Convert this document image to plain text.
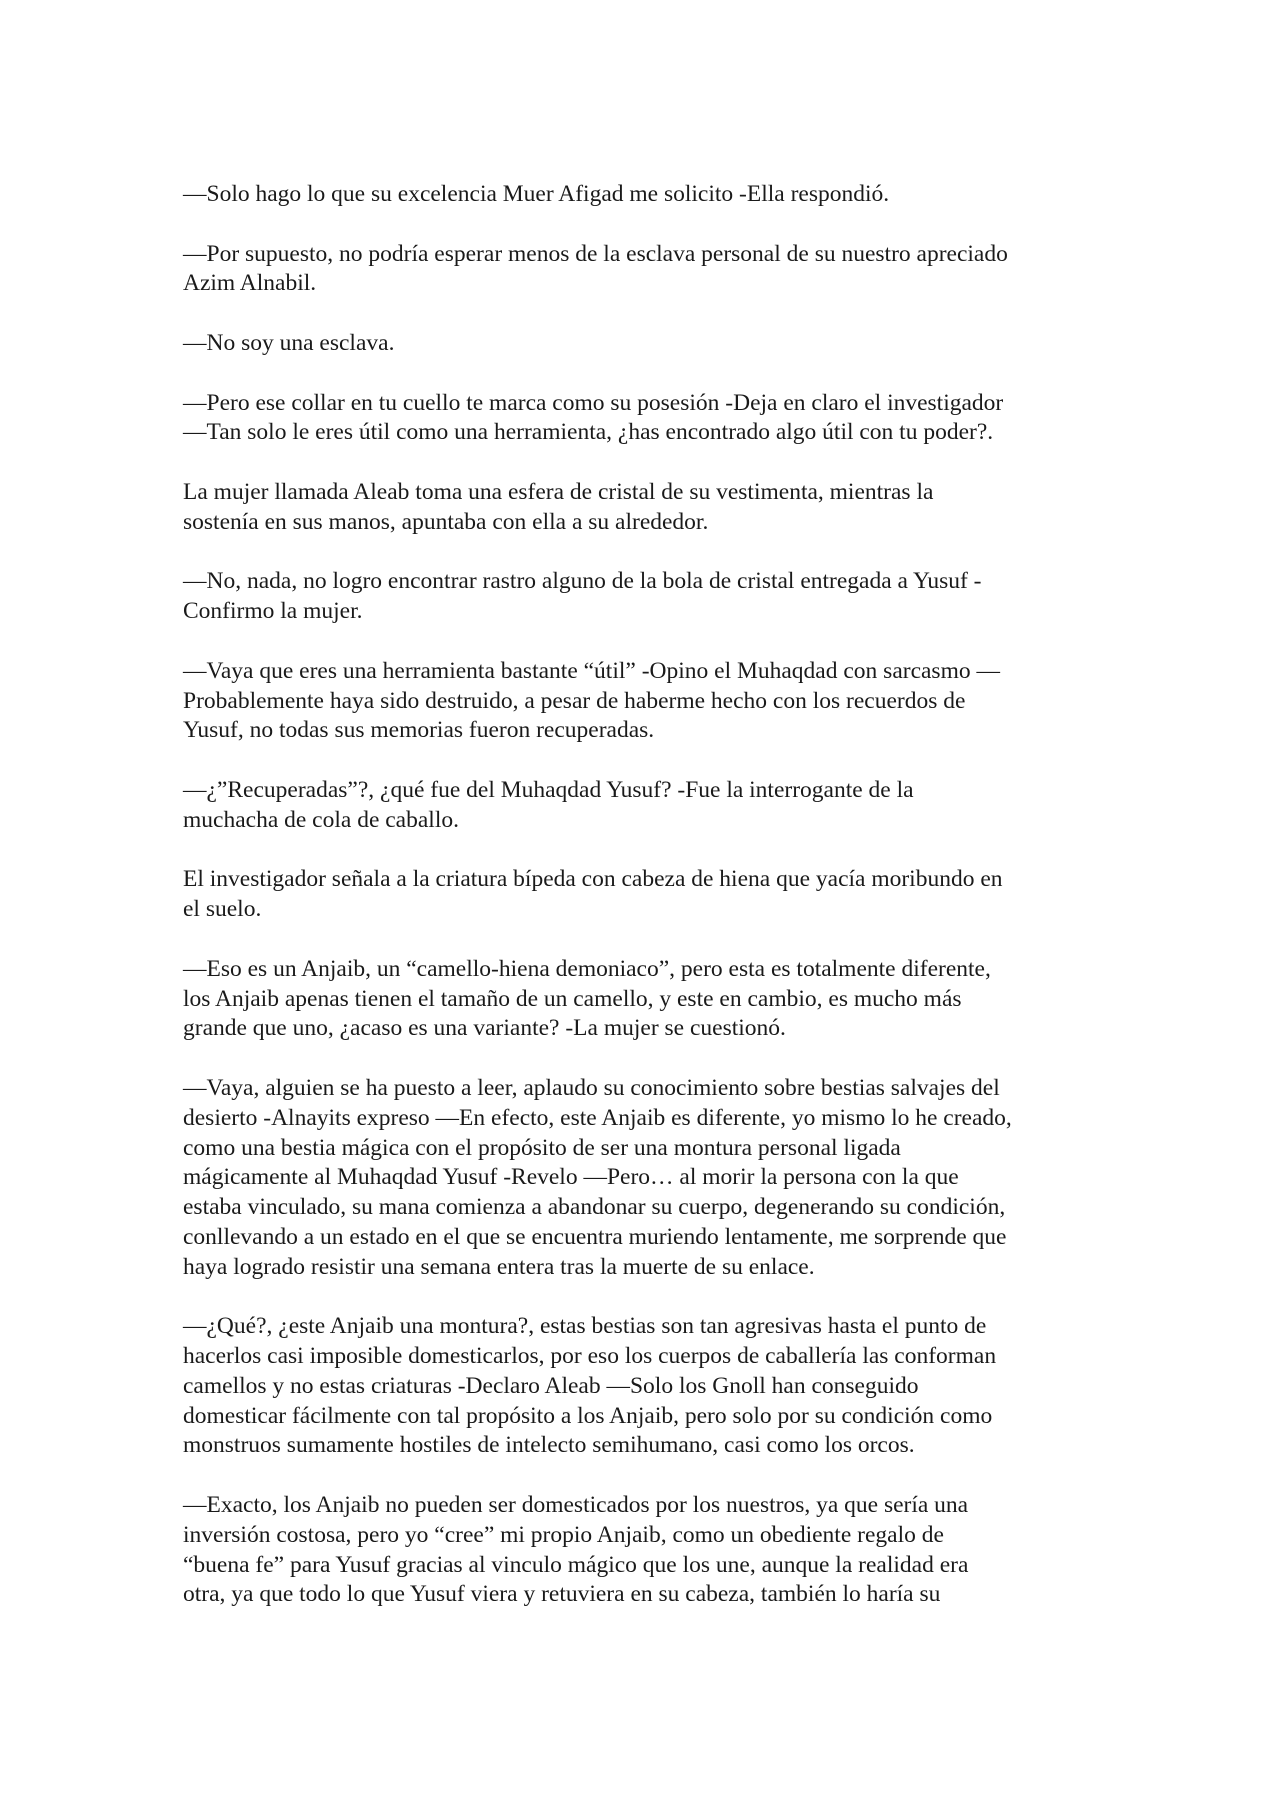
—Solo hago lo que su excelencia Muer Afigad me solicito -Ella respondió.

—Por supuesto, no podría esperar menos de la esclava personal de su nuestro apreciado
Azim Alnabil.

—No soy una esclava.

—Pero ese collar en tu cuello te marca como su posesión -Deja en claro el investigador
—Tan solo le eres útil como una herramienta, ¿has encontrado algo útil con tu poder?.

La mujer llamada Aleab toma una esfera de cristal de su vestimenta, mientras la
sostenía en sus manos, apuntaba con ella a su alrededor.

—No, nada, no logro encontrar rastro alguno de la bola de cristal entregada a Yusuf -
Confirmo la mujer.

—Vaya que eres una herramienta bastante “útil” -Opino el Muhaqdad con sarcasmo —
Probablemente haya sido destruido, a pesar de haberme hecho con los recuerdos de
Yusuf, no todas sus memorias fueron recuperadas.

—¿”Recuperadas”?, ¿qué fue del Muhaqdad Yusuf? -Fue la interrogante de la
muchacha de cola de caballo.

El investigador señala a la criatura bípeda con cabeza de hiena que yacía moribundo en
el suelo.

—Eso es un Anjaib, un “camello-hiena demoniaco”, pero esta es totalmente diferente,
los Anjaib apenas tienen el tamaño de un camello, y este en cambio, es mucho más
grande que uno, ¿acaso es una variante? -La mujer se cuestionó.

—Vaya, alguien se ha puesto a leer, aplaudo su conocimiento sobre bestias salvajes del
desierto -Alnayits expreso —En efecto, este Anjaib es diferente, yo mismo lo he creado,
como una bestia mágica con el propósito de ser una montura personal ligada
mágicamente al Muhaqdad Yusuf -Revelo —Pero… al morir la persona con la que
estaba vinculado, su mana comienza a abandonar su cuerpo, degenerando su condición,
conllevando a un estado en el que se encuentra muriendo lentamente, me sorprende que
haya logrado resistir una semana entera tras la muerte de su enlace.

—¿Qué?, ¿este Anjaib una montura?, estas bestias son tan agresivas hasta el punto de
hacerlos casi imposible domesticarlos, por eso los cuerpos de caballería las conforman
camellos y no estas criaturas -Declaro Aleab —Solo los Gnoll han conseguido
domesticar fácilmente con tal propósito a los Anjaib, pero solo por su condición como
monstruos sumamente hostiles de intelecto semihumano, casi como los orcos.

—Exacto, los Anjaib no pueden ser domesticados por los nuestros, ya que sería una
inversión costosa, pero yo “cree” mi propio Anjaib, como un obediente regalo de
“buena fe” para Yusuf gracias al vinculo mágico que los une, aunque la realidad era
otra, ya que todo lo que Yusuf viera y retuviera en su cabeza, también lo haría su
